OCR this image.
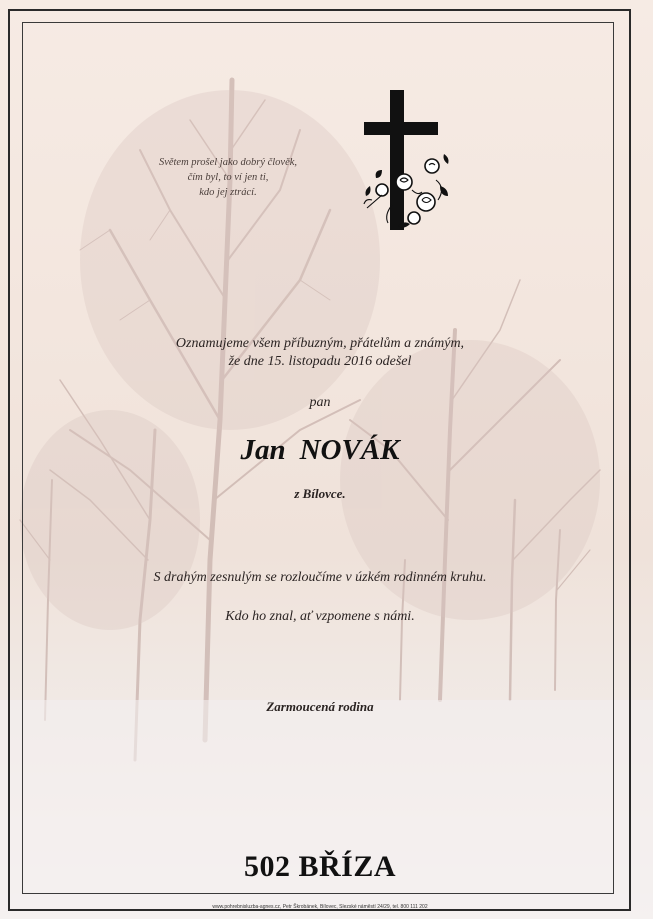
Světem prošel jako dobrý člověk,
čím byl, to ví jen ti,
kdo jej ztrácí.
Oznamujeme všem příbuzným, přátelům a známým,
že dne 15. listopadu 2016 odešel
pan
Jan NOVÁK
z Bílovce.
S drahým zesnulým se rozloučíme v úzkém rodinném kruhu.
Kdo ho znal, ať vzpomene s námi.
Zarmoucená rodina
502 BŘÍZA
www.pohrebnisluzba-agnes.cz, Petr Škrobánek, Bílovec, Slezské náměstí 24/29, tel. 800 111 202
